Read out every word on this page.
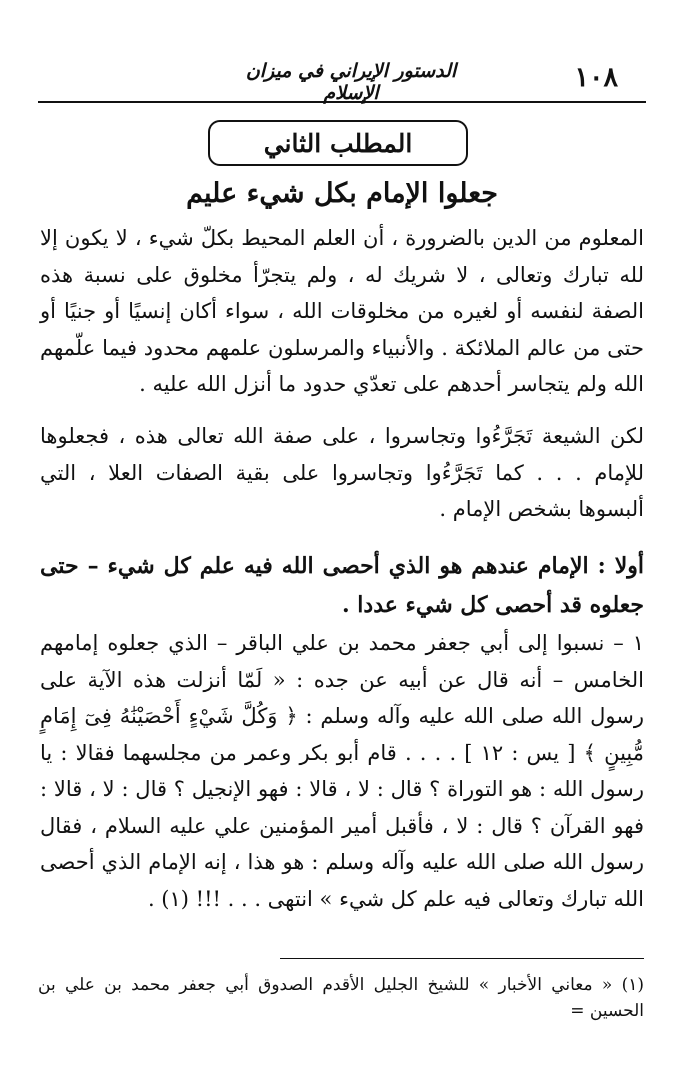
١٠٨
الدستور الإيراني في ميزان الإسلام
المطلب الثاني
جعلوا الإمام بكل شيء عليم

المعلوم من الدين بالضرورة ، أن العلم المحيط بكلّ شيء ، لا يكون إلا لله تبارك وتعالى ، لا شريك له ، ولم يتجرّأ مخلوق على نسبة هذه الصفة لنفسه أو لغيره من مخلوقات الله ، سواء أكان إنسيًا أو جنيًا أو حتى من عالم الملائكة . والأنبياء والمرسلون علمهم محدود فيما علّمهم الله ولم يتجاسر أحدهم على تعدّي حدود ما أنزل الله عليه .

لكن الشيعة تَجَرَّءُوا وتجاسروا ، على صفة الله تعالى هذه ، فجعلوها للإمام . . . كما تَجَرَّءُوا وتجاسروا على بقية الصفات العلا ، التي ألبسوها بشخص الإمام .

أولا : الإمام عندهم هو الذي أحصى الله فيه علم كل شيء – حتى جعلوه قد أحصى كل شيء عددا .

١ – نسبوا إلى أبي جعفر محمد بن علي الباقر – الذي جعلوه إمامهم الخامس – أنه قال عن أبيه عن جده : « لَمّا أنزلت هذه الآية على رسول الله صلى الله عليه وآله وسلم : ﴿ وَكُلَّ شَيْءٍ أَحْصَيْنَٰهُ فِىٓ إِمَامٍ مُّبِينٍ ﴾ [ يس : ١٢ ] . . . . قام أبو بكر وعمر من مجلسهما فقالا : يا رسول الله : هو التوراة ؟ قال : لا ، قالا : فهو الإنجيل ؟ قال : لا ، قالا : فهو القرآن ؟ قال : لا ، فأقبل أمير المؤمنين علي عليه السلام ، فقال رسول الله صلى الله عليه وآله وسلم : هو هذا ، إنه الإمام الذي أحصى الله تبارك وتعالى فيه علم كل شيء » انتهى . . . !!! (١) .

(١) « معاني الأخبار » للشيخ الجليل الأقدم الصدوق أبي جعفر محمد بن علي بن الحسين =
